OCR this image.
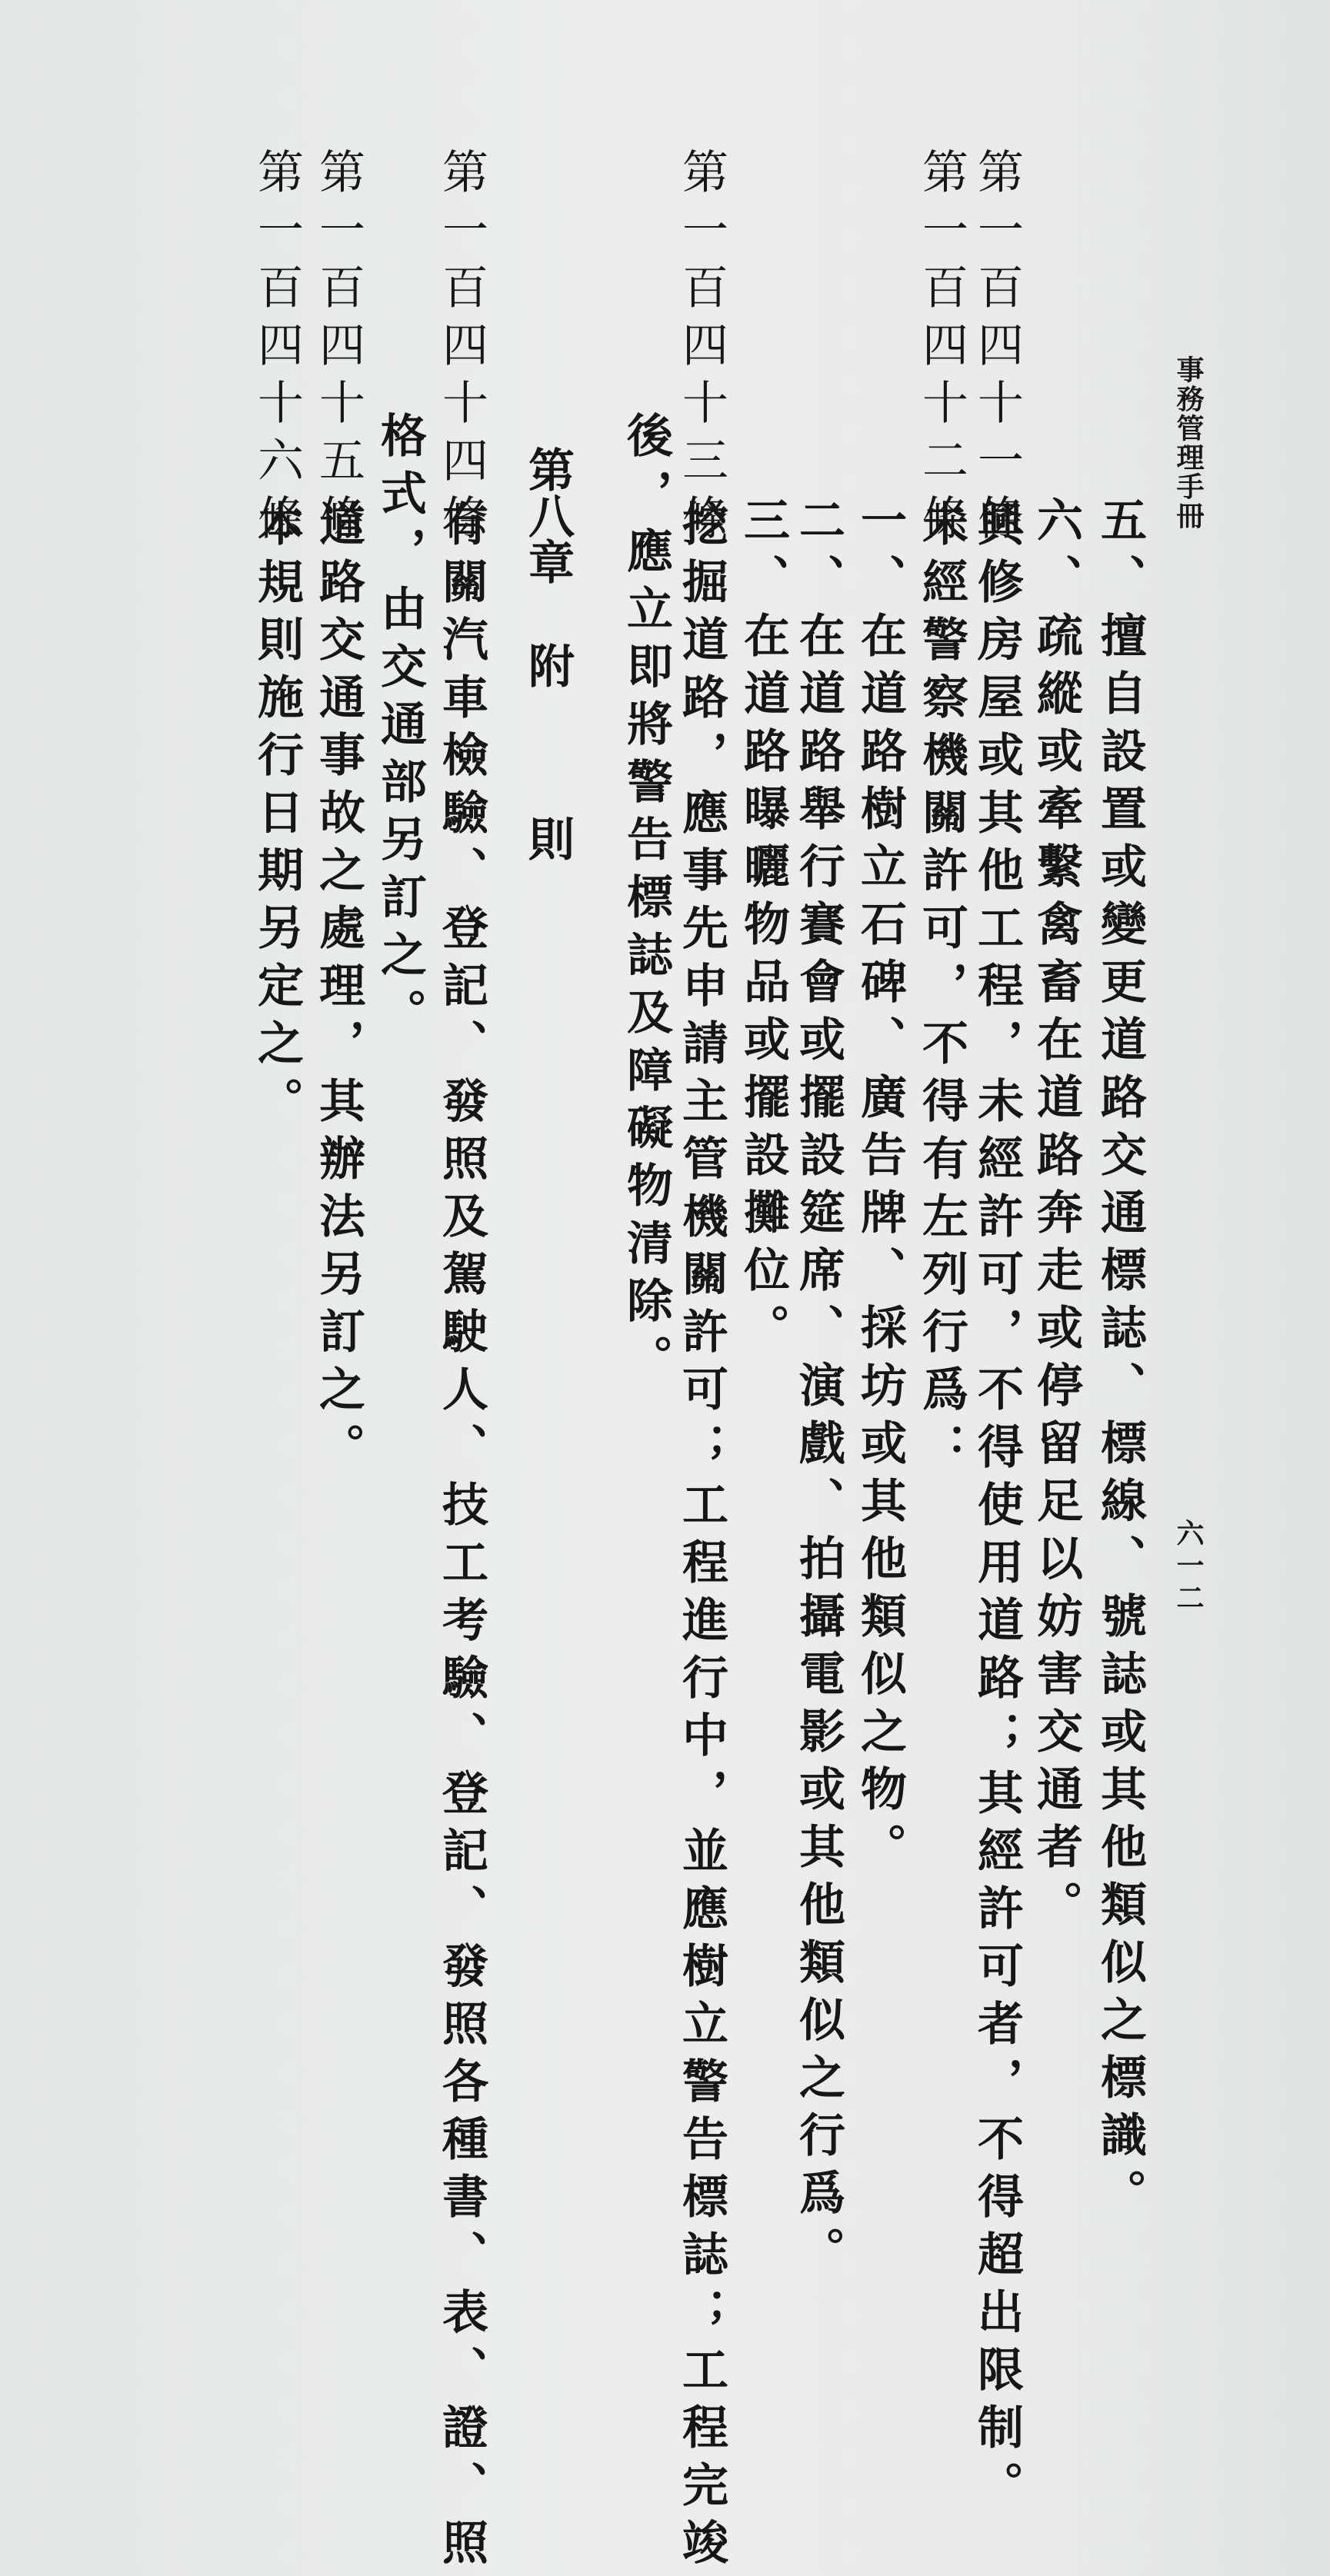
事務管理手冊
六一二
五、擅自設置或變更道路交通標誌、標線、號誌或其他類似之標識。
六、疏縱或牽繫禽畜在道路奔走或停留足以妨害交通者。
第一百四十一條
興修房屋或其他工程，未經許可，不得使用道路；其經許可者，不得超出限制。
第一百四十二條
未經警察機關許可，不得有左列行爲：
一、在道路樹立石碑、廣告牌、採坊或其他類似之物。
二、在道路舉行賽會或擺設筵席、演戲、拍攝電影或其他類似之行爲。
三、在道路曝曬物品或擺設攤位。
第一百四十三條
挖掘道路，應事先申請主管機關許可；工程進行中，並應樹立警告標誌；工程完竣
後，應立即將警告標誌及障礙物清除。
第八章
附
則
第一百四十四條
有關汽車檢驗、登記、發照及駕駛人、技工考驗、登記、發照各種書、表、證、照
格式，由交通部另訂之。
第一百四十五條
道路交通事故之處理，其辦法另訂之。
第一百四十六條
本規則施行日期另定之。
